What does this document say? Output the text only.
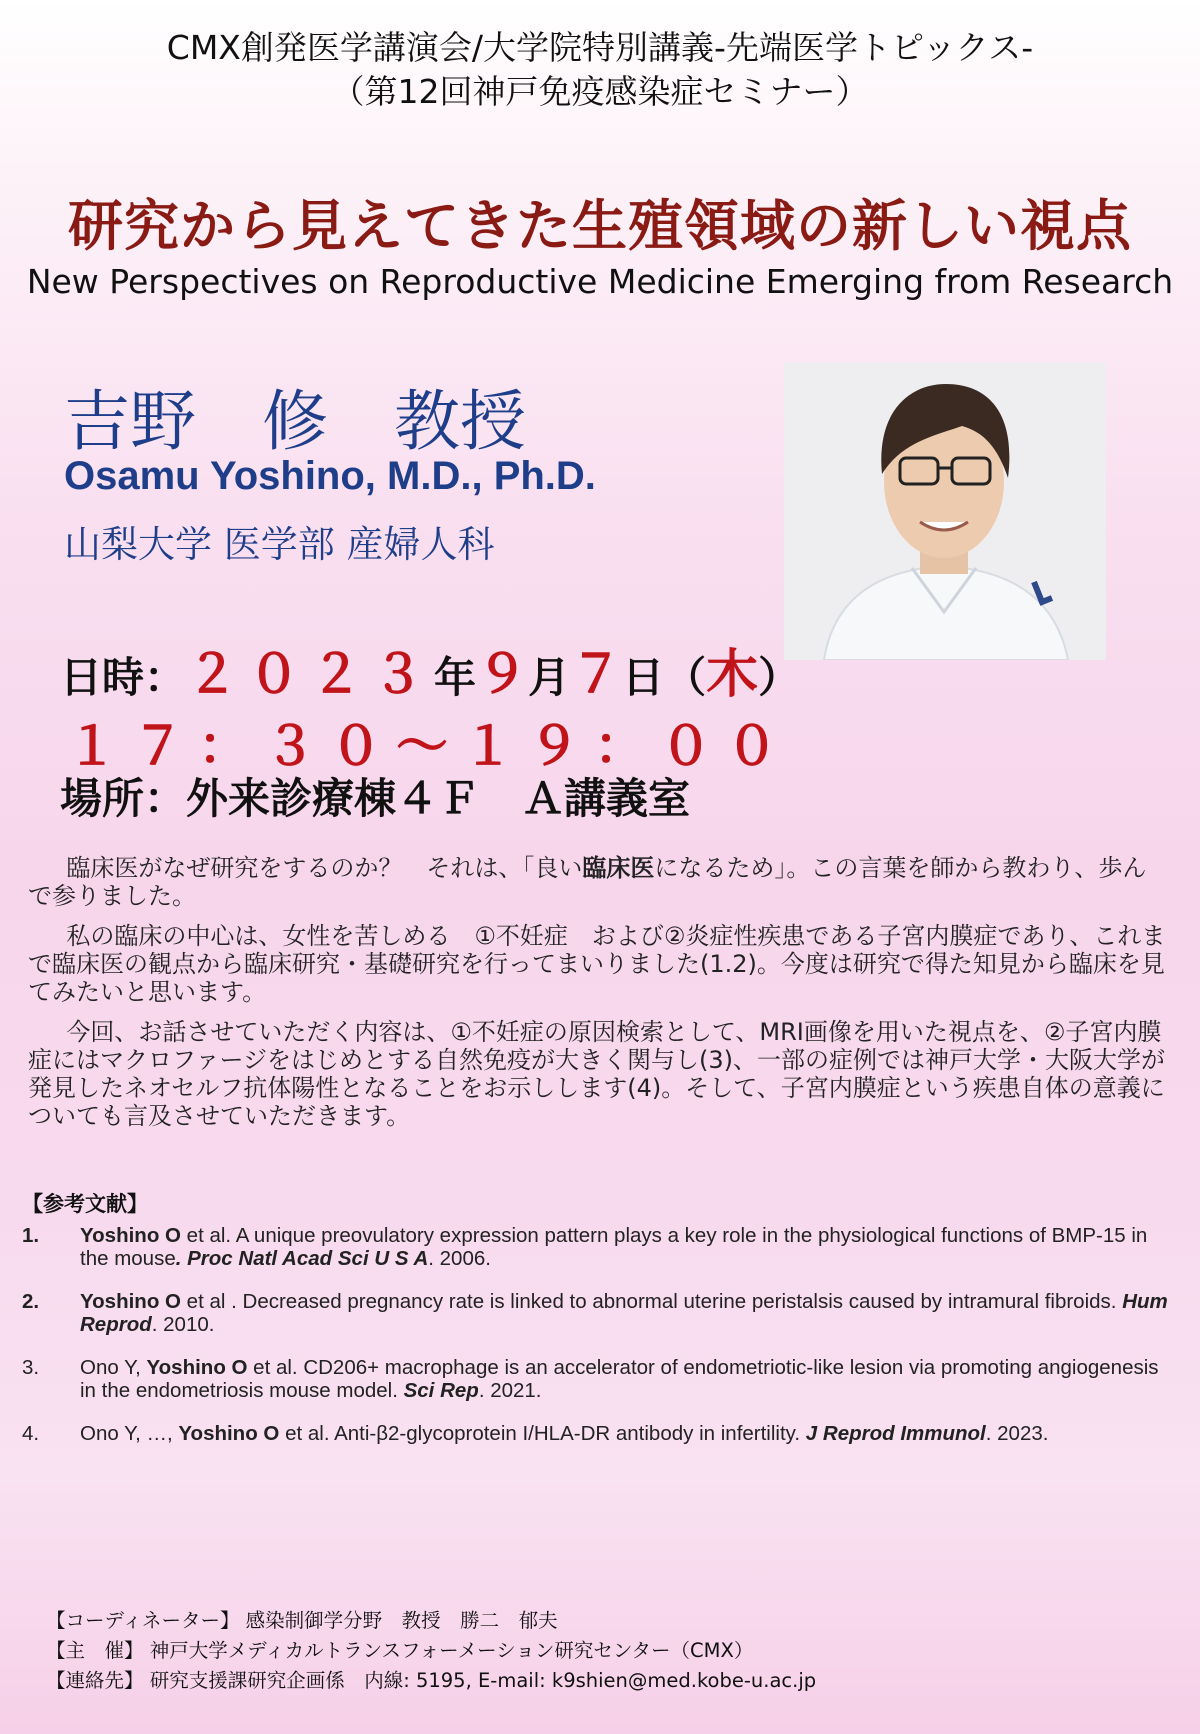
CMX創発医学講演会/大学院特別講義-先端医学トピックス-
（第12回神戸免疫感染症セミナー）
研究から見えてきた生殖領域の新しい視点
New Perspectives on Reproductive Medicine Emerging from Research
吉野　修　教授
Osamu Yoshino, M.D., Ph.D.
山梨大学 医学部 産婦人科
日時：２０２３年９月７日（木）
１７：３０～１９：００
場所：外来診療棟４Ｆ　Ａ講義室

臨床医がなぜ研究をするのか？　それは、「良い臨床医になるため」。この言葉を師から教わり、歩んで参りました。

私の臨床の中心は、女性を苦しめる　①不妊症　および②炎症性疾患である子宮内膜症であり、これまで臨床医の観点から臨床研究・基礎研究を行ってまいりました(1.2)。今度は研究で得た知見から臨床を見てみたいと思います。

今回、お話させていただく内容は、①不妊症の原因検索として、MRI画像を用いた視点を、②子宮内膜症にはマクロファージをはじめとする自然免疫が大きく関与し(3)、一部の症例では神戸大学・大阪大学が発見したネオセルフ抗体陽性となることをお示しします(4)。そして、子宮内膜症という疾患自体の意義についても言及させていただきます。

【参考文献】
1.	Yoshino O et al. A unique preovulatory expression pattern plays a key role in the physiological functions of BMP-15 in the mouse. Proc Natl Acad Sci U S A. 2006.
2.	Yoshino O et al . Decreased pregnancy rate is linked to abnormal uterine peristalsis caused by intramural fibroids. Hum Reprod. 2010.
3.	Ono Y, Yoshino O et al. CD206+ macrophage is an accelerator of endometriotic-like lesion via promoting angiogenesis in the endometriosis mouse model. Sci Rep. 2021.
4.	Ono Y, …, Yoshino O et al. Anti-β2-glycoprotein I/HLA-DR antibody in infertility. J Reprod Immunol. 2023.
【コーディネーター】 感染制御学分野　教授　勝二　郁夫
【主　催】 神戸大学メディカルトランスフォーメーション研究センター（CMX）
【連絡先】 研究支援課研究企画係　内線: 5195, E-mail: k9shien@med.kobe-u.ac.jp
